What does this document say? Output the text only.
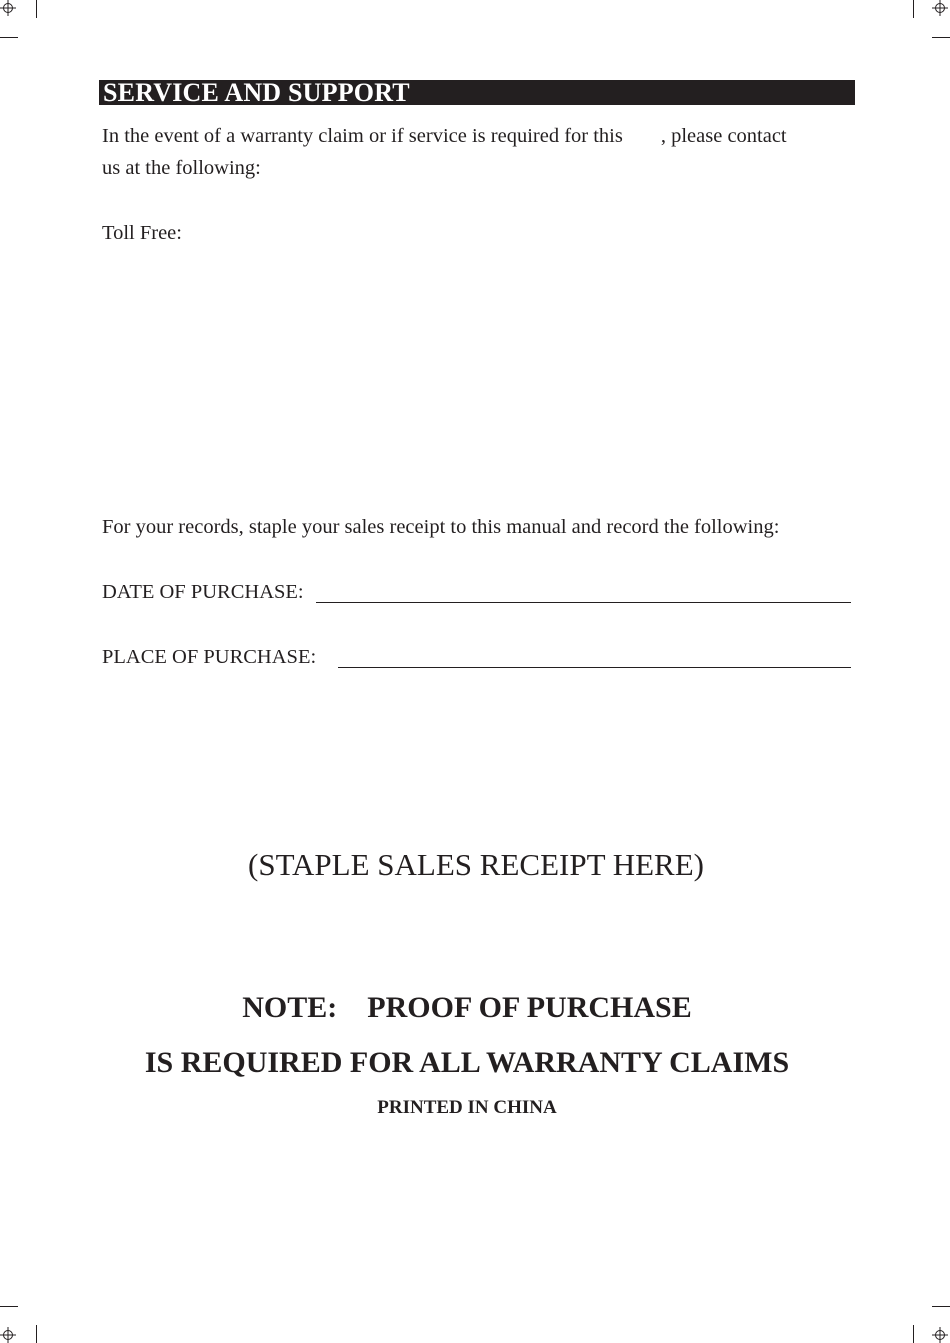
SERVICE AND SUPPORT
In the event of a warranty claim or if service is required for this , please contact
us at the following:
Toll Free:
For your records, staple your sales receipt to this manual and record the following:
DATE OF PURCHASE:
PLACE OF PURCHASE:
(STAPLE SALES RECEIPT HERE)
NOTE: PROOF OF PURCHASE
IS REQUIRED FOR ALL WARRANTY CLAIMS
PRINTED IN CHINA
